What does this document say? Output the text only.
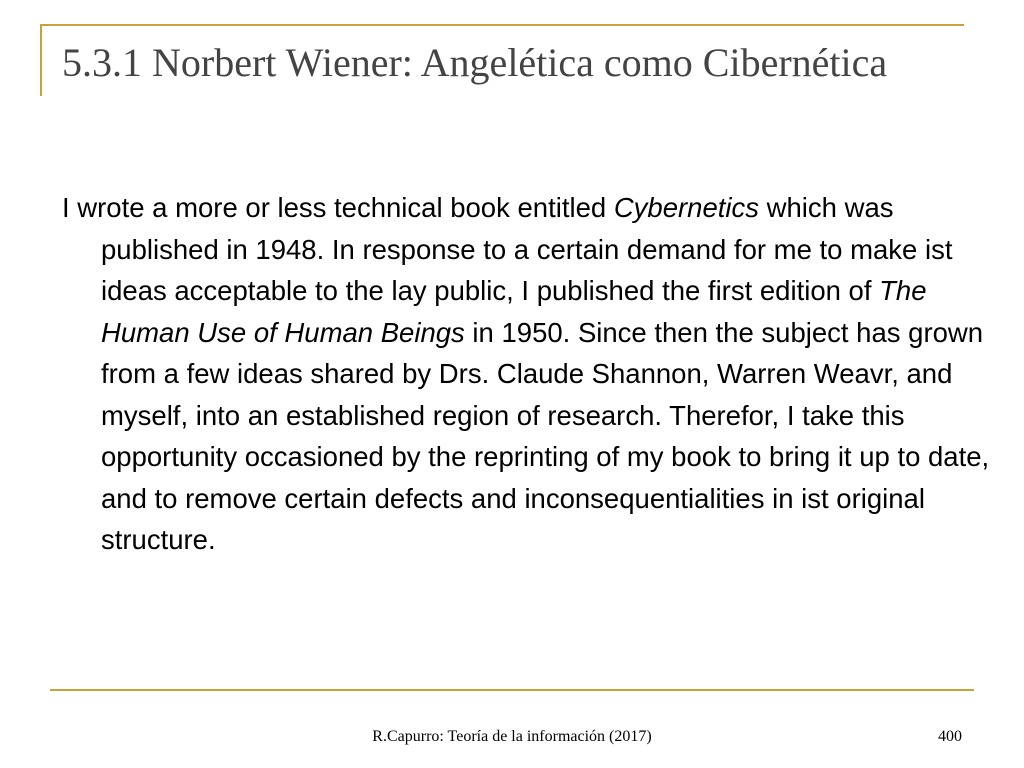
5.3.1 Norbert Wiener: Angelética como Cibernética

I wrote a more or less technical book entitled Cybernetics which was published in 1948. In response to a certain demand for me to make ist ideas acceptable to the lay public, I published the first edition of The Human Use of Human Beings in 1950. Since then the subject has grown from a few ideas shared by Drs. Claude Shannon, Warren Weavr, and myself, into an established region of research. Therefor, I take this opportunity occasioned by the reprinting of my book to bring it up to date, and to remove certain defects and inconsequentialities in ist original structure.

R.Capurro: Teoría de la información (2017)	400
